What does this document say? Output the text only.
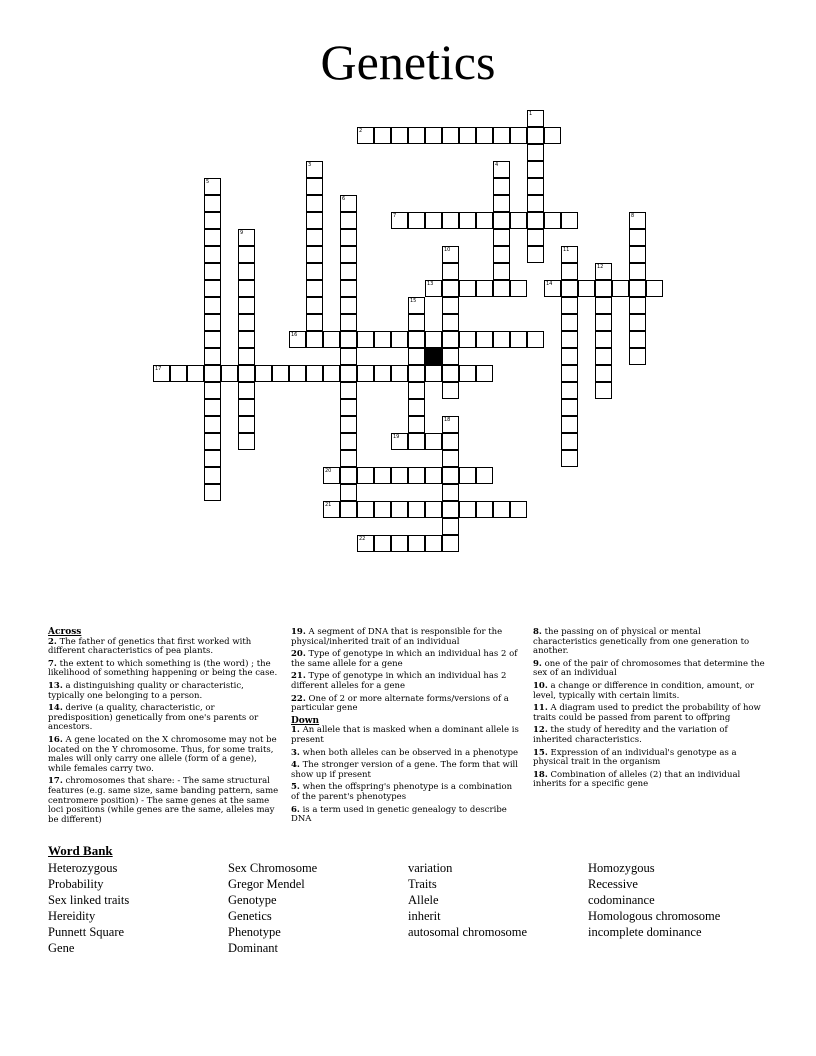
Genetics
2
7
13	14
16
17
19
20
21
22
1
3	4
5
6
8
9
10	11
12
15
18
Across
2. The father of genetics that first worked with different characteristics of pea plants.
7. the extent to which something is (the word) ; the likelihood of something happening or being the case.
13. a distinguishing quality or characteristic, typically one belonging to a person.
14. derive (a quality, characteristic, or predisposition) genetically from one's parents or ancestors.
16. A gene located on the X chromosome may not be located on the Y chromosome. Thus, for some traits, males will only carry one allele (form of a gene), while females carry two.
17. chromosomes that share: - The same structural features (e.g. same size, same banding pattern, same centromere position) - The same genes at the same loci positions (while genes are the same, alleles may be different)
19. A segment of DNA that is responsible for the physical/inherited trait of an individual
20. Type of genotype in which an individual has 2 of the same allele for a gene
21. Type of genotype in which an individual has 2 different alleles for a gene
22. One of 2 or more alternate forms/versions of a particular gene
Down
1. An allele that is masked when a dominant allele is present
3. when both alleles can be observed in a phenotype
4. The stronger version of a gene. The form that will show up if present
5. when the offspring's phenotype is a combination of the parent's phenotypes
6. is a term used in genetic genealogy to describe DNA
8. the passing on of physical or mental characteristics genetically from one generation to another.
9. one of the pair of chromosomes that determine the sex of an individual
10. a change or difference in condition, amount, or level, typically with certain limits.
11. A diagram used to predict the probability of how traits could be passed from parent to offpring
12. the study of heredity and the variation of inherited characteristics.
15. Expression of an individual's genotype as a physical trait in the organism
18. Combination of alleles (2) that an individual inherits for a specific gene
Word Bank
Heterozygous
Probability
Sex linked traits
Hereidity
Punnett Square
Gene
Sex Chromosome
Gregor Mendel
Genotype
Genetics
Phenotype
Dominant
variation
Traits
Allele
inherit
autosomal chromosome
Homozygous
Recessive
codominance
Homologous chromosome
incomplete dominance
